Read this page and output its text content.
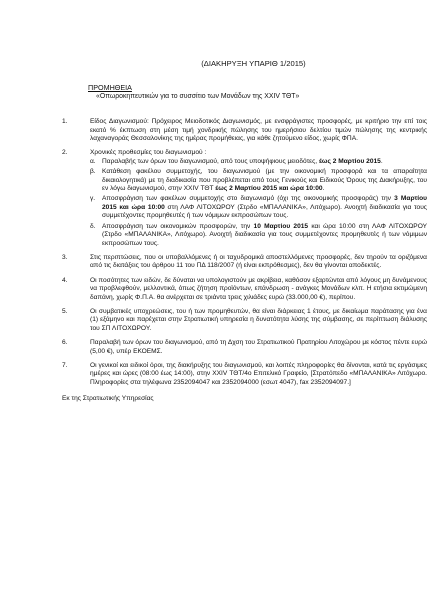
(ΔΙΑΚΗΡΥΞΗ ΥΠΑΡΙΘ 1/2015)
ΠΡΟΜΗΘΕΙΑ
«Οπωροκηπευτικών για το συσσίτιο των Μονάδων της XXIV ΤΘΤ»
1.	Είδος Διαγωνισμού: Πρόχειρος Μειοδοτικός Διαγωνισμός, με ενσφράγιστες προσφορές, με κριτήριο την επί τοις εκατό % έκπτωση στη μέση τιμή χονδρικής πώλησης του ημερήσιου δελτίου τιμών πώλησης της κεντρικής λαχαναγοράς Θεσσαλονίκης της ημέρας προμήθειας, για κάθε ζητούμενο είδος, χωρίς ΦΠΑ.
2.	Χρονικές προθεσμίες του διαγωνισμού :
α. Παραλαβής των όρων του διαγωνισμού, από τους υποψήφιους μειοδότες, έως 2 Μαρτίου 2015.
β. Κατάθεση φακέλου συμμετοχής, του διαγωνισμού (με την οικονομική προσφορά και τα απαραίτητα δικαιολογητικά) με τη διαδικασία που προβλέπεται από τους Γενικούς και Ειδικούς Όρους της Διακήρυξης, του εν λόγω διαγωνισμού, στην XXIV ΤΘΤ έως 2 Μαρτίου 2015 και ώρα 10:00.
γ. Αποσφράγιση των φακέλων συμμετοχής στο διαγωνισμό (όχι της οικονομικής προσφοράς) την 3 Μαρτίου 2015 και ώρα 10:00 στη ΛΑΦ ΛΙΤΟΧΩΡΟΥ (Στρδο «ΜΠΑΛΑΝΙΚΑ», Λιτόχωρο). Ανοιχτή διαδικασία για τους συμμετέχοντες προμηθευτές ή των νόμιμων εκπροσώπων τους.
δ. Αποσφράγιση των οικονομικών προσφορών, την 10 Μαρτίου 2015 και ώρα 10:00 στη ΛΑΦ ΛΙΤΟΧΩΡΟΥ (Στρδο «ΜΠΑΛΑΝΙΚΑ», Λιτόχωρο). Ανοιχτή διαδικασία για τους συμμετέχοντες προμηθευτές ή των νόμιμων εκπροσώπων τους.
3.	Στις περιπτώσεις, που οι υποβαλλόμενες ή οι ταχυδρομικά αποστελλόμενες προσφορές, δεν τηρούν τα οριζόμενα από τις διατάξεις του άρθρου 11 του ΠΔ 118/2007 (ή είναι εκπρόθεσμες), δεν θα γίνονται αποδεκτές.
4.	Οι ποσότητες των ειδών, δε δύναται να υπολογιστούν με ακρίβεια, καθόσον εξαρτώνται από λόγους μη δυνάμενους να προβλεφθούν, μελλοντικά, όπως ζήτηση προϊόντων, επάνδρωση - ανάγκες Μονάδων κλπ. Η ετήσια εκτιμώμενη δαπάνη, χωρίς Φ.Π.Α. θα ανέρχεται σε τριάντα τρεις χιλιάδες ευρώ (33.000,00 €), περίπου.
5.	Οι συμβατικές υποχρεώσεις, του ή των προμηθευτών, θα είναι διάρκειας 1 έτους, με δικαίωμα παράτασης για ένα (1) εξάμηνο και παρέχεται στην Στρατιωτική υπηρεσία η δυνατότητα λύσης της σύμβασης, σε περίπτωση διάλυσης του ΣΠ ΛΙΤΟΧΩΡΟΥ.
6.	Παραλαβή των όρων του διαγωνισμού, από τη Δχση του Στρατιωτικού Πρατηρίου Λιτοχώρου με κόστος πέντε ευρώ (5,00 €), υπέρ ΕΚΟΕΜΣ.
7.	Οι γενικοί και ειδικοί όροι, της διακήρυξης του διαγωνισμού, και λοιπές πληροφορίες θα δίνονται, κατά τις εργάσιμες ημέρες και ώρες (08:00 έως 14:00), στην XXIV ΤΘΤ/4ο Επιτελικό Γραφείο, [Στρατόπεδο «ΜΠΑΛΑΝΙΚΑ» Λιτόχωρο. Πληροφορίες στα τηλέφωνα 2352094047 και 2352094000 (εσωτ 4047), fax 2352094097.]
Εκ της Στρατιωτικής Υπηρεσίας
